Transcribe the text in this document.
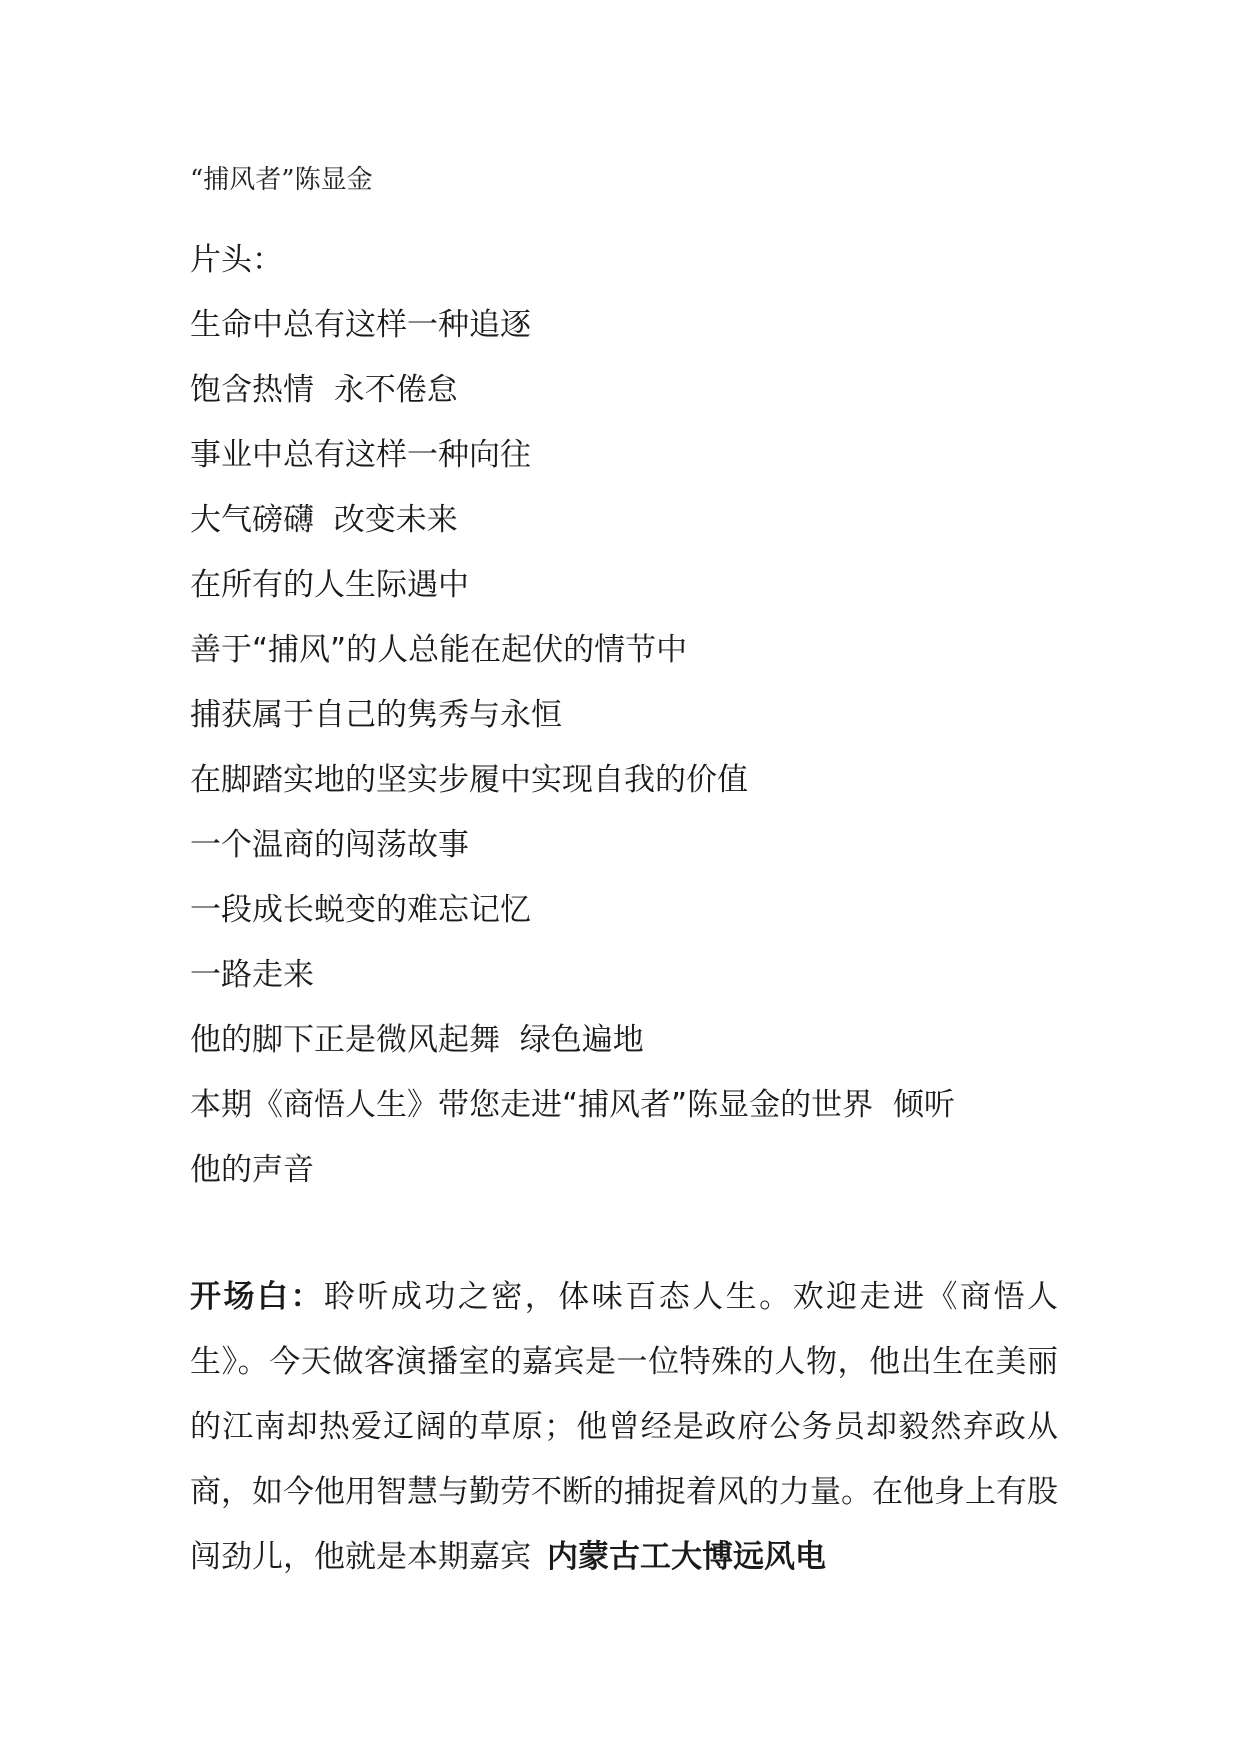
“捕风者”陈显金
片头：
生命中总有这样一种追逐
饱含热情  永不倦怠
事业中总有这样一种向往
大气磅礴  改变未来
在所有的人生际遇中
善于“捕风”的人总能在起伏的情节中
捕获属于自己的隽秀与永恒
在脚踏实地的坚实步履中实现自我的价值
一个温商的闯荡故事
一段成长蜕变的难忘记忆
一路走来
他的脚下正是微风起舞  绿色遍地
本期《商悟人生》带您走进“捕风者”陈显金的世界  倾听
他的声音
开场白：聆听成功之密，体味百态人生。欢迎走进《商悟人生》。今天做客演播室的嘉宾是一位特殊的人物，他出生在美丽的江南却热爱辽阔的草原；他曾经是政府公务员却毅然弃政从商，如今他用智慧与勤劳不断的捕捉着风的力量。在他身上有股闯劲儿，他就是本期嘉宾 内蒙古工大博远风电
